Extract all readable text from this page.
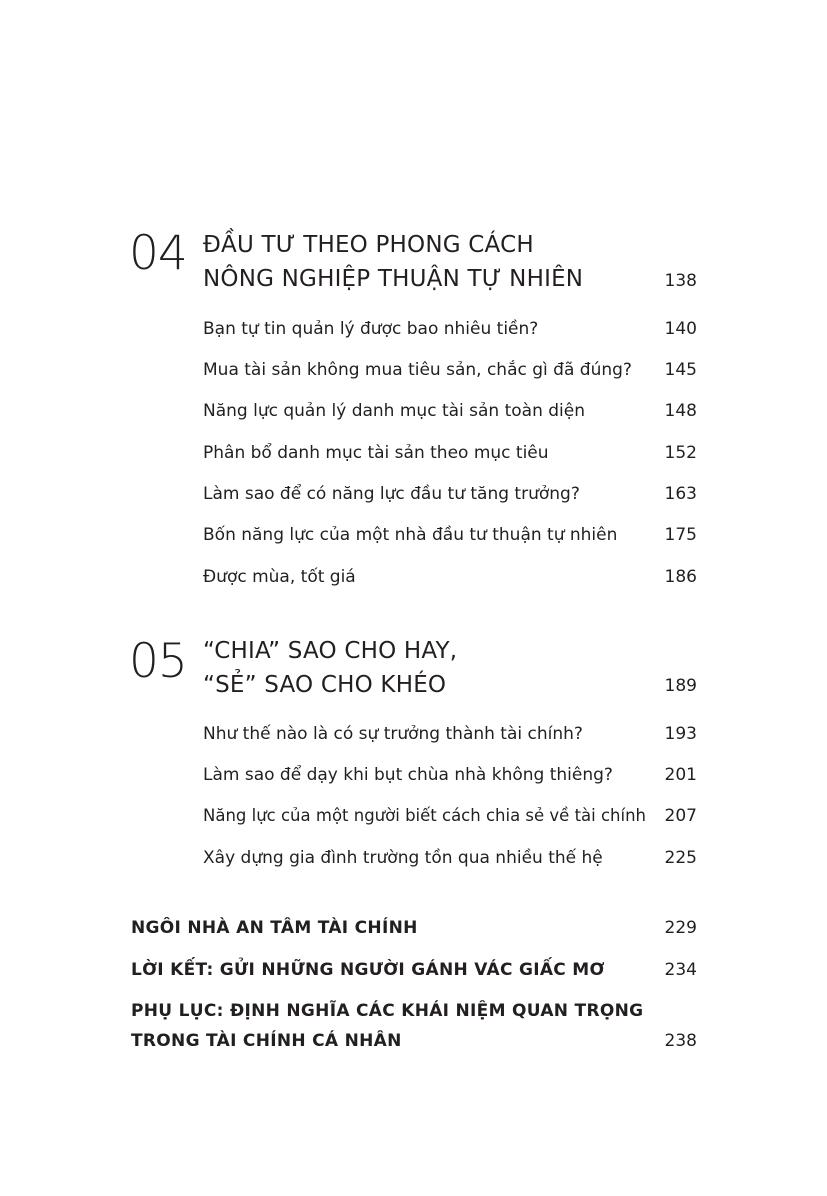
04 ĐẦU TƯ THEO PHONG CÁCH
NÔNG NGHIỆP THUẬN TỰ NHIÊN	138
Bạn tự tin quản lý được bao nhiêu tiền?	140
Mua tài sản không mua tiêu sản, chắc gì đã đúng?	145
Năng lực quản lý danh mục tài sản toàn diện	148
Phân bổ danh mục tài sản theo mục tiêu	152
Làm sao để có năng lực đầu tư tăng trưởng?	163
Bốn năng lực của một nhà đầu tư thuận tự nhiên	175
Được mùa, tốt giá	186
05 “CHIA” SAO CHO HAY,
“SẺ” SAO CHO KHÉO	189
Như thế nào là có sự trưởng thành tài chính?	193
Làm sao để dạy khi bụt chùa nhà không thiêng?	201
Năng lực của một người biết cách chia sẻ về tài chính	207
Xây dựng gia đình trường tồn qua nhiều thế hệ	225
NGÔI NHÀ AN TÂM TÀI CHÍNH	229
LỜI KẾT: GỬI NHỮNG NGƯỜI GÁNH VÁC GIẤC MƠ	234
PHỤ LỤC: ĐỊNH NGHĨA CÁC KHÁI NIỆM QUAN TRỌNG
TRONG TÀI CHÍNH CÁ NHÂN	238
